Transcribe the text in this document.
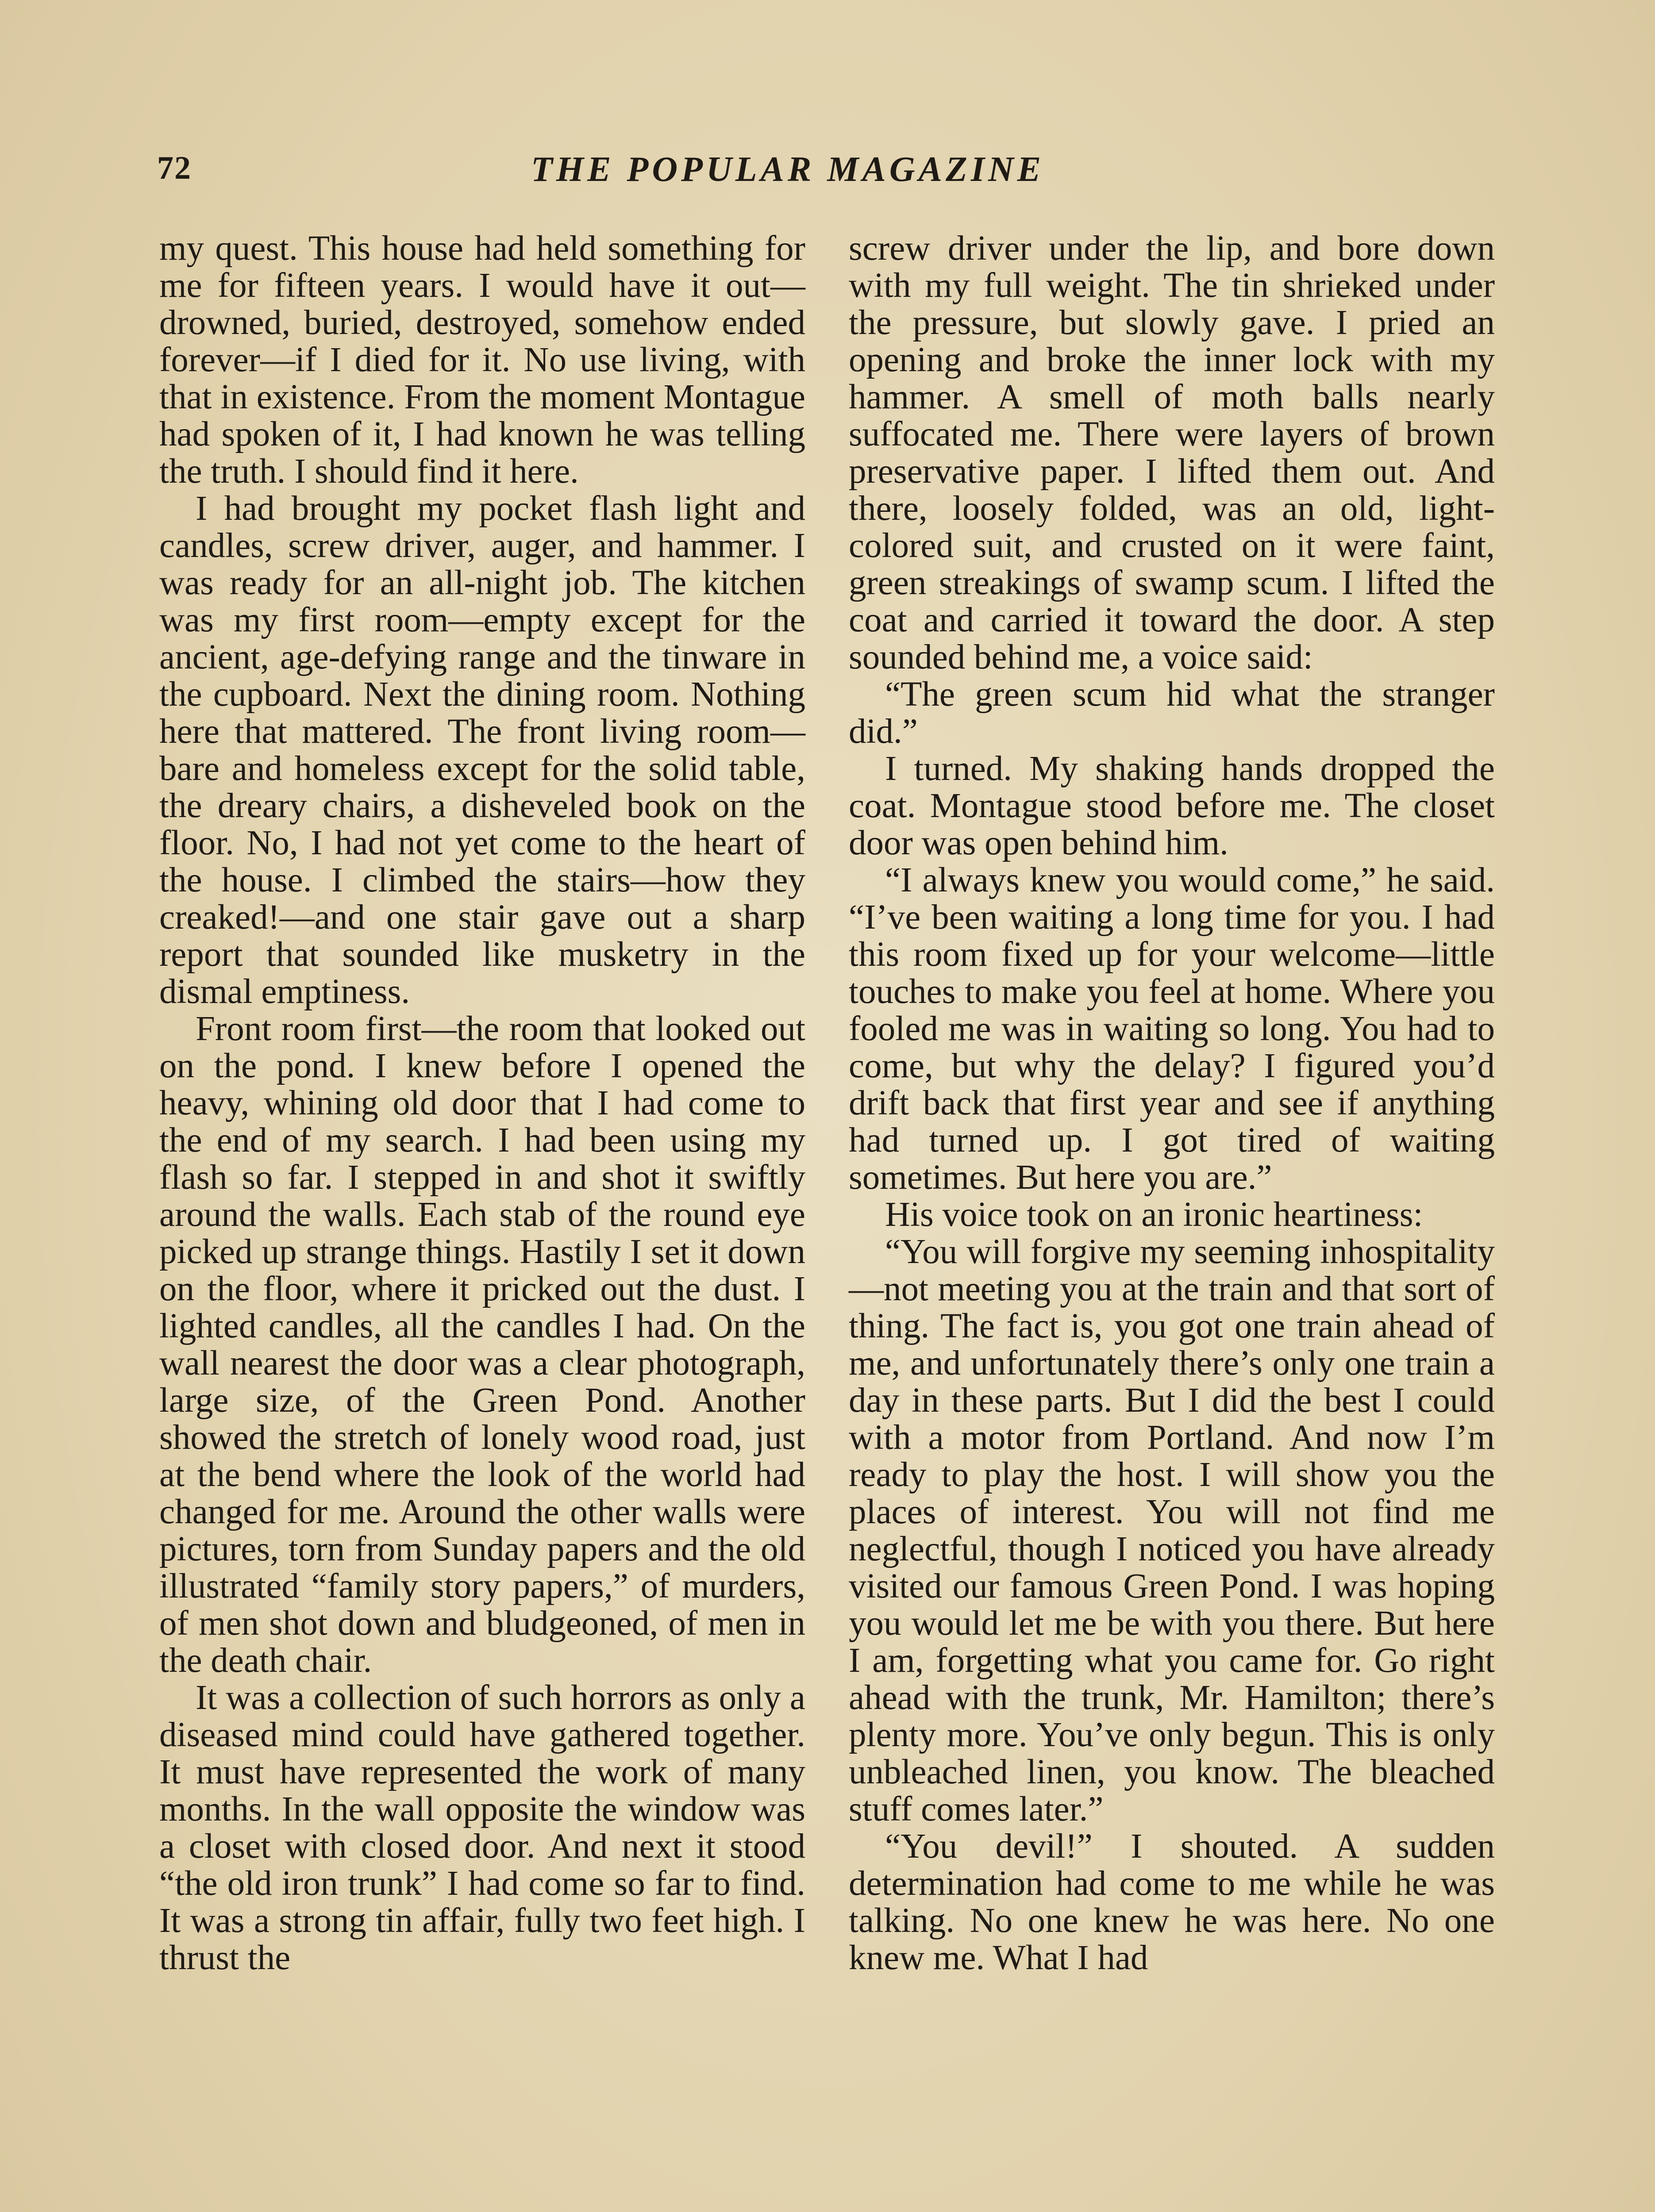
72	THE POPULAR MAGAZINE

my quest. This house had held something for me for fifteen years. I would have it out—drowned, buried, destroyed, somehow ended forever—if I died for it. No use living, with that in existence. From the moment Montague had spoken of it, I had known he was telling the truth. I should find it here.

I had brought my pocket flash light and candles, screw driver, auger, and hammer. I was ready for an all-night job. The kitchen was my first room—empty except for the ancient, age-defying range and the tinware in the cupboard. Next the dining room. Nothing here that mattered. The front living room—bare and homeless except for the solid table, the dreary chairs, a disheveled book on the floor. No, I had not yet come to the heart of the house. I climbed the stairs—how they creaked!—and one stair gave out a sharp report that sounded like musketry in the dismal emptiness.

Front room first—the room that looked out on the pond. I knew before I opened the heavy, whining old door that I had come to the end of my search. I had been using my flash so far. I stepped in and shot it swiftly around the walls. Each stab of the round eye picked up strange things. Hastily I set it down on the floor, where it pricked out the dust. I lighted candles, all the candles I had. On the wall nearest the door was a clear photograph, large size, of the Green Pond. Another showed the stretch of lonely wood road, just at the bend where the look of the world had changed for me. Around the other walls were pictures, torn from Sunday papers and the old illustrated “family story papers,” of murders, of men shot down and bludgeoned, of men in the death chair.

It was a collection of such horrors as only a diseased mind could have gathered together. It must have represented the work of many months. In the wall opposite the window was a closet with closed door. And next it stood “the old iron trunk” I had come so far to find. It was a strong tin affair, fully two feet high. I thrust the

screw driver under the lip, and bore down with my full weight. The tin shrieked under the pressure, but slowly gave. I pried an opening and broke the inner lock with my hammer. A smell of moth balls nearly suffocated me. There were layers of brown preservative paper. I lifted them out. And there, loosely folded, was an old, light-colored suit, and crusted on it were faint, green streakings of swamp scum. I lifted the coat and carried it toward the door. A step sounded behind me, a voice said:

“The green scum hid what the stranger did.”

I turned. My shaking hands dropped the coat. Montague stood before me. The closet door was open behind him.

“I always knew you would come,” he said. “I’ve been waiting a long time for you. I had this room fixed up for your welcome—little touches to make you feel at home. Where you fooled me was in waiting so long. You had to come, but why the delay? I figured you’d drift back that first year and see if anything had turned up. I got tired of waiting sometimes. But here you are.”

His voice took on an ironic heartiness:

“You will forgive my seeming inhospitality—not meeting you at the train and that sort of thing. The fact is, you got one train ahead of me, and unfortunately there’s only one train a day in these parts. But I did the best I could with a motor from Portland. And now I’m ready to play the host. I will show you the places of interest. You will not find me neglectful, though I noticed you have already visited our famous Green Pond. I was hoping you would let me be with you there. But here I am, forgetting what you came for. Go right ahead with the trunk, Mr. Hamilton; there’s plenty more. You’ve only begun. This is only unbleached linen, you know. The bleached stuff comes later.”

“You devil!” I shouted. A sudden determination had come to me while he was talking. No one knew he was here. No one knew me. What I had
